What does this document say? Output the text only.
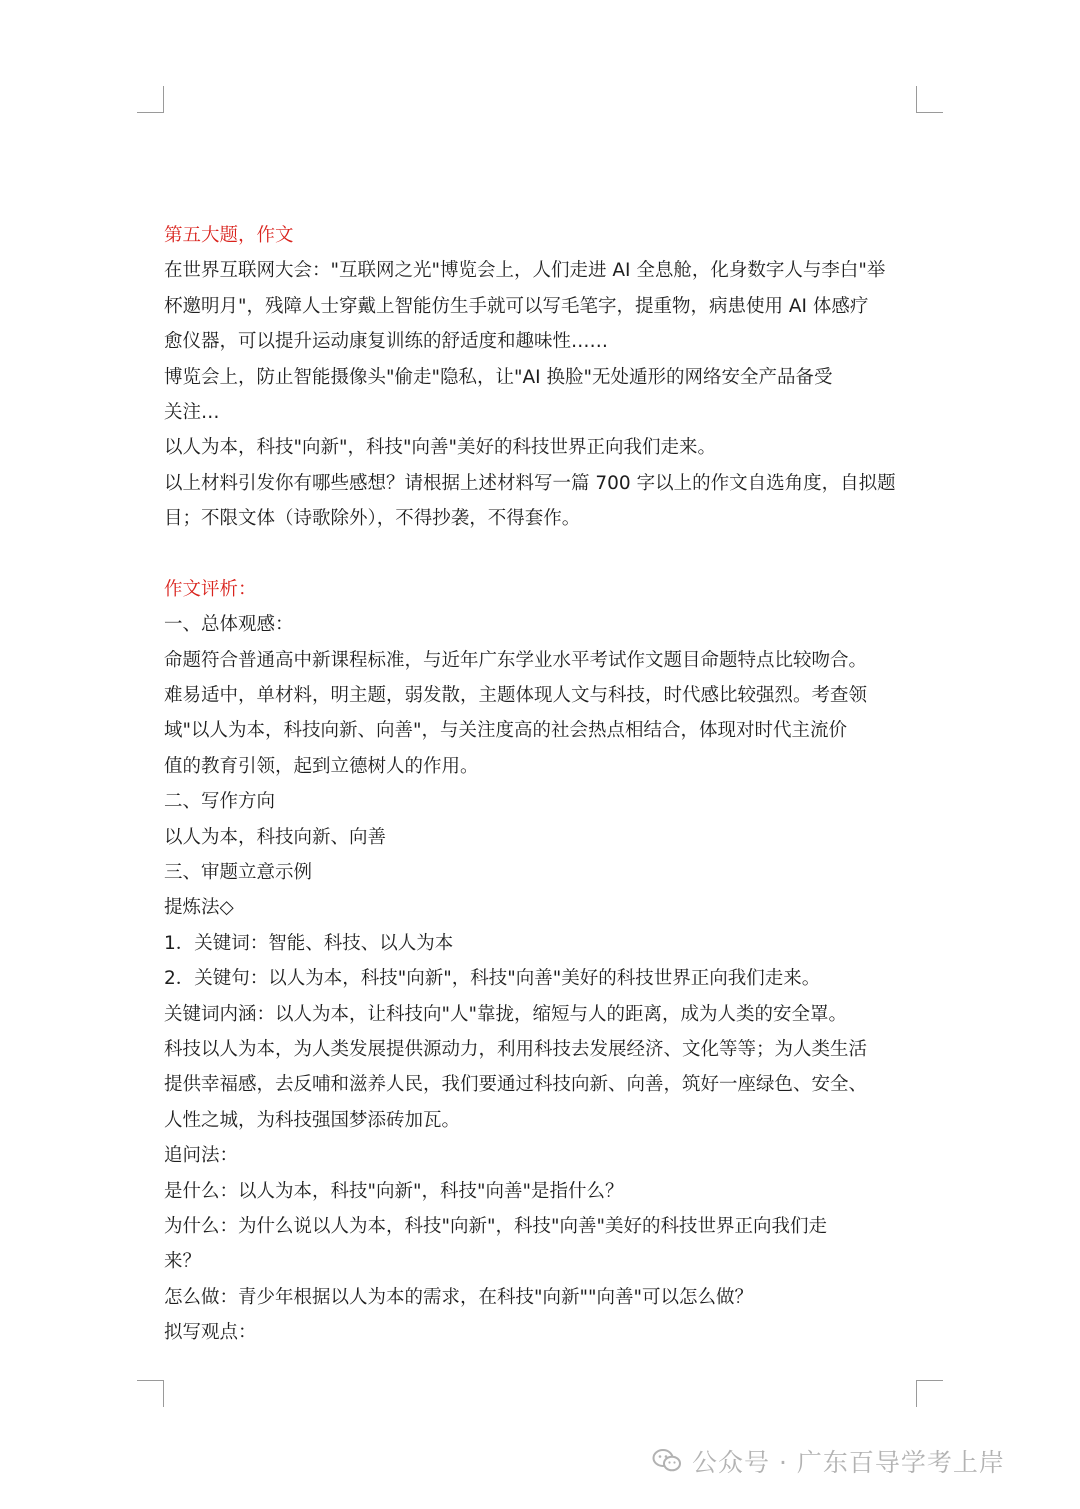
第五大题，作文
在世界互联网大会："互联网之光"博览会上，人们走进 AI 全息舱，化身数字人与李白"举
杯邀明月"，残障人士穿戴上智能仿生手就可以写毛笔字，提重物，病患使用 AI 体感疗
愈仪器，可以提升运动康复训练的舒适度和趣味性……
博览会上，防止智能摄像头"偷走"隐私，让"AI 换脸"无处遁形的网络安全产品备受
关注…
以人为本，科技"向新"，科技"向善"美好的科技世界正向我们走来。
以上材料引发你有哪些感想？请根据上述材料写一篇 700 字以上的作文自选角度，自拟题
目；不限文体（诗歌除外），不得抄袭，不得套作。
作文评析：
一、总体观感：
命题符合普通高中新课程标准，与近年广东学业水平考试作文题目命题特点比较吻合。
难易适中，单材料，明主题，弱发散，主题体现人文与科技，时代感比较强烈。考查领
域"以人为本，科技向新、向善"，与关注度高的社会热点相结合，体现对时代主流价
值的教育引领，起到立德树人的作用。
二、写作方向
以人为本，科技向新、向善
三、审题立意示例
提炼法◇
1．关键词：智能、科技、以人为本
2．关键句：以人为本，科技"向新"，科技"向善"美好的科技世界正向我们走来。
关键词内涵：以人为本，让科技向"人"靠拢，缩短与人的距离，成为人类的安全罩。
科技以人为本，为人类发展提供源动力，利用科技去发展经济、文化等等；为人类生活
提供幸福感，去反哺和滋养人民，我们要通过科技向新、向善，筑好一座绿色、安全、
人性之城，为科技强国梦添砖加瓦。
追问法：
是什么：以人为本，科技"向新"，科技"向善"是指什么？
为什么：为什么说以人为本，科技"向新"，科技"向善"美好的科技世界正向我们走
来？
怎么做：青少年根据以人为本的需求，在科技"向新""向善"可以怎么做？
拟写观点：
公众号 · 广东百导学考上岸
